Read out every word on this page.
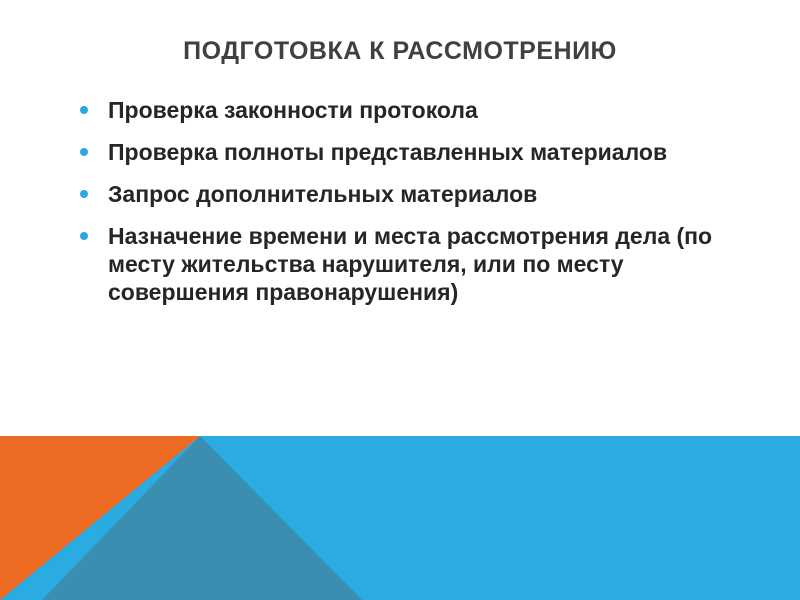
ПОДГОТОВКА К РАССМОТРЕНИЮ
Проверка законности протокола
Проверка полноты представленных материалов
Запрос дополнительных материалов
Назначение времени и места рассмотрения дела (по месту жительства нарушителя, или по месту совершения правонарушения)
